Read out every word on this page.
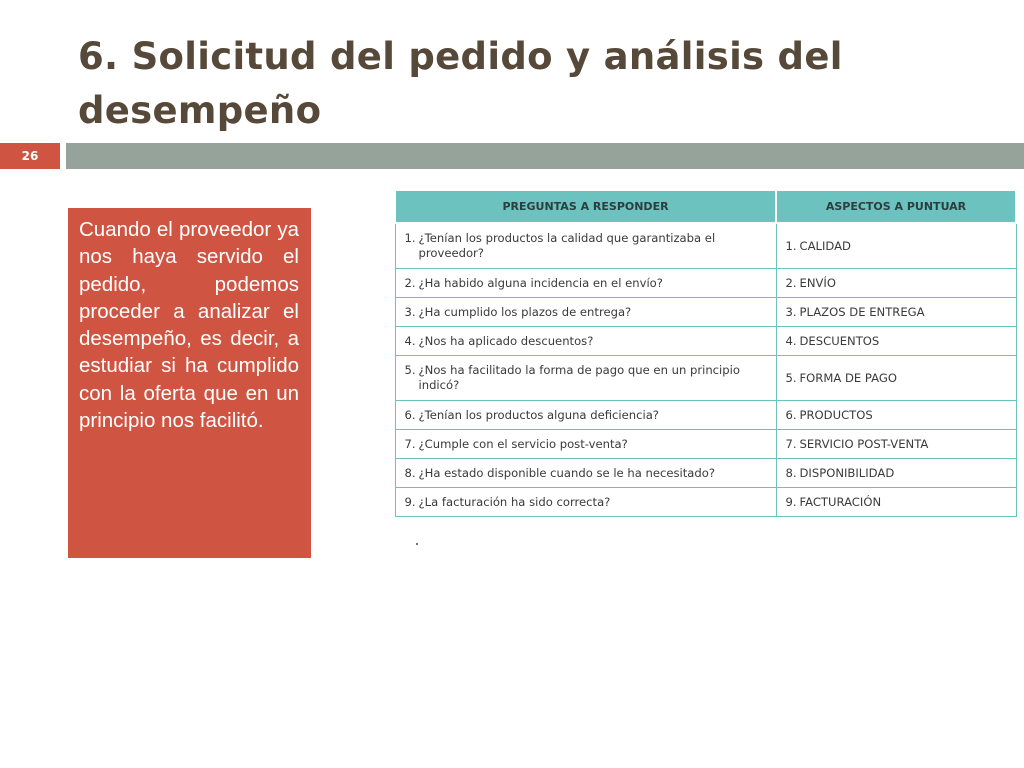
6. Solicitud del pedido y análisis del desempeño
26

Cuando el proveedor ya nos haya servido el pedido, podemos proceder a analizar el desempeño, es decir, a estudiar si ha cumplido con la oferta que en un principio nos facilitó.

PREGUNTAS A RESPONDER	ASPECTOS A PUNTUAR

1. ¿Tenían los productos la calidad que garantizaba el proveedor?	1. CALIDAD

2. ¿Ha habido alguna incidencia en el envío?	2. ENVÍO

3. ¿Ha cumplido los plazos de entrega?	3. PLAZOS DE ENTREGA

4. ¿Nos ha aplicado descuentos?	4. DESCUENTOS

5. ¿Nos ha facilitado la forma de pago que en un principio indicó?	5. FORMA DE PAGO

6. ¿Tenían los productos alguna deficiencia?	6. PRODUCTOS

7. ¿Cumple con el servicio post-venta?	7. SERVICIO POST-VENTA

8. ¿Ha estado disponible cuando se le ha necesitado?	8. DISPONIBILIDAD

9. ¿La facturación ha sido correcta?	9. FACTURACIÓN
